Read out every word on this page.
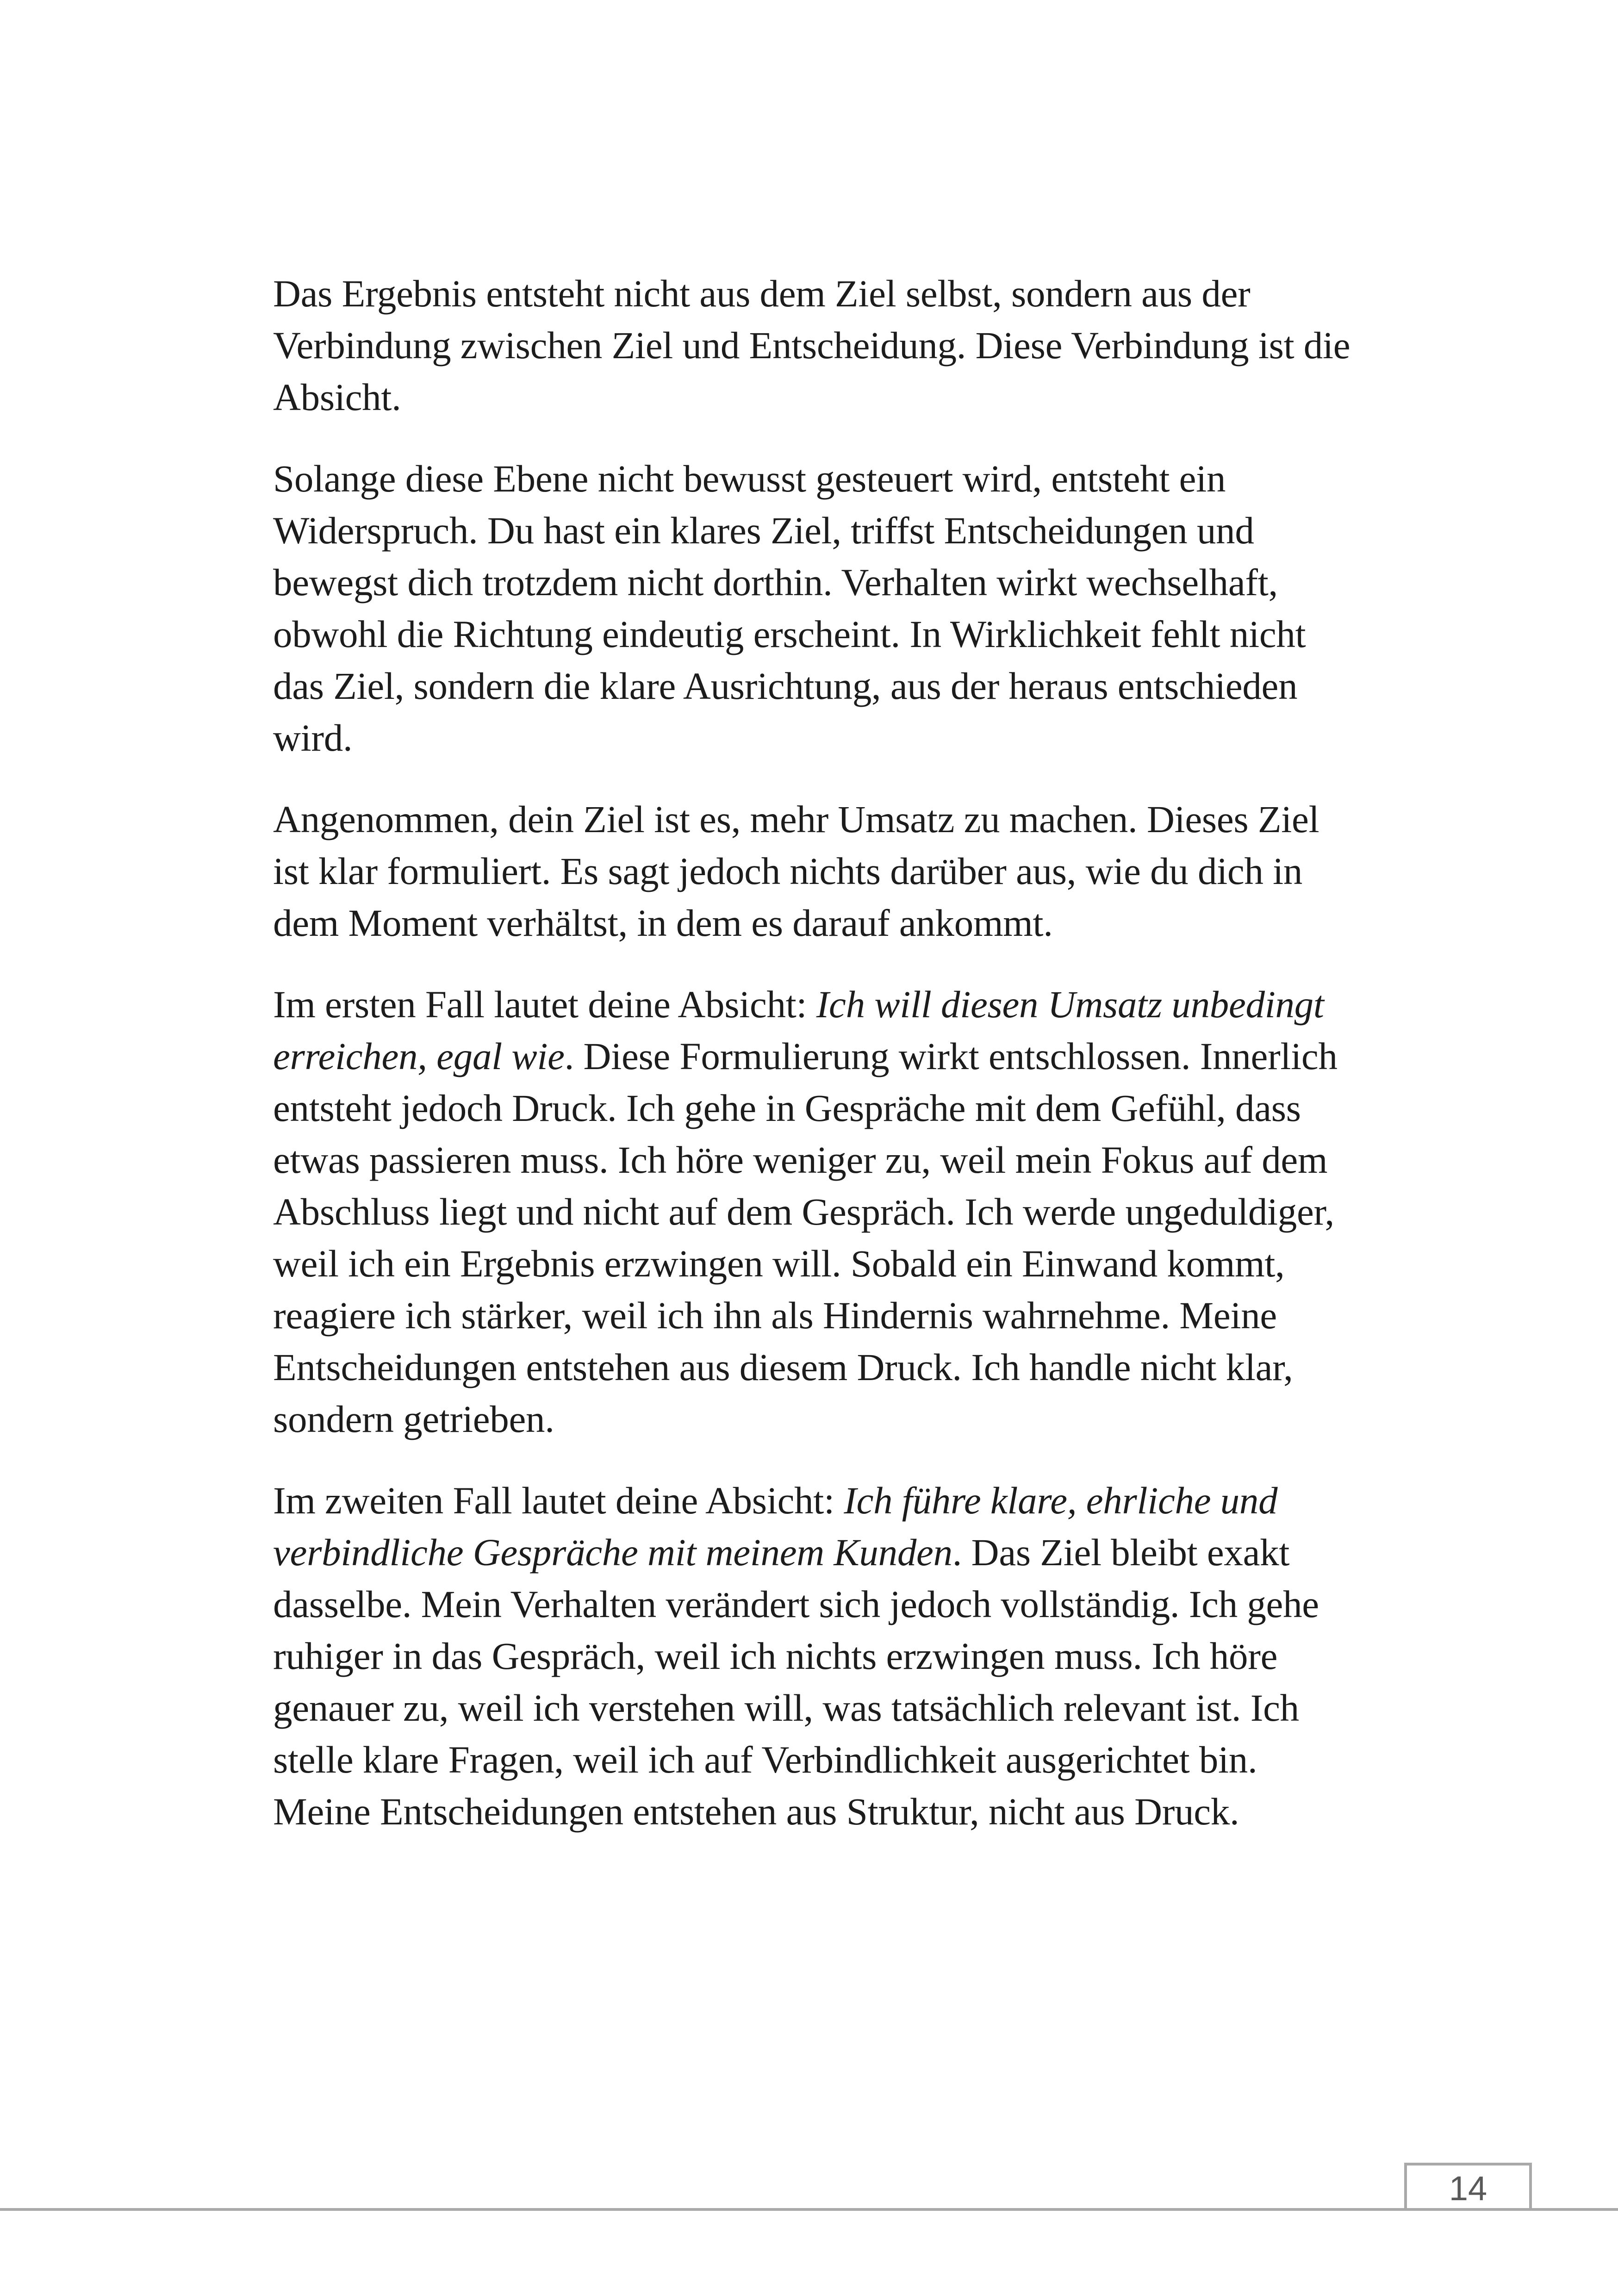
Das Ergebnis entsteht nicht aus dem Ziel selbst, sondern aus der Verbindung zwischen Ziel und Entscheidung. Diese Verbindung ist die Absicht.

Solange diese Ebene nicht bewusst gesteuert wird, entsteht ein Widerspruch. Du hast ein klares Ziel, triffst Entscheidungen und bewegst dich trotzdem nicht dorthin. Verhalten wirkt wechselhaft, obwohl die Richtung eindeutig erscheint. In Wirklichkeit fehlt nicht das Ziel, sondern die klare Ausrichtung, aus der heraus entschieden wird.

Angenommen, dein Ziel ist es, mehr Umsatz zu machen. Dieses Ziel ist klar formuliert. Es sagt jedoch nichts darüber aus, wie du dich in dem Moment verhältst, in dem es darauf ankommt.

Im ersten Fall lautet deine Absicht: Ich will diesen Umsatz unbedingt erreichen, egal wie. Diese Formulierung wirkt entschlossen. Innerlich entsteht jedoch Druck. Ich gehe in Gespräche mit dem Gefühl, dass etwas passieren muss. Ich höre weniger zu, weil mein Fokus auf dem Abschluss liegt und nicht auf dem Gespräch. Ich werde ungeduldiger, weil ich ein Ergebnis erzwingen will. Sobald ein Einwand kommt, reagiere ich stärker, weil ich ihn als Hindernis wahrnehme. Meine Entscheidungen entstehen aus diesem Druck. Ich handle nicht klar, sondern getrieben.

Im zweiten Fall lautet deine Absicht: Ich führe klare, ehrliche und verbindliche Gespräche mit meinem Kunden. Das Ziel bleibt exakt dasselbe. Mein Verhalten verändert sich jedoch vollständig. Ich gehe ruhiger in das Gespräch, weil ich nichts erzwingen muss. Ich höre genauer zu, weil ich verstehen will, was tatsächlich relevant ist. Ich stelle klare Fragen, weil ich auf Verbindlichkeit ausgerichtet bin. Meine Entscheidungen entstehen aus Struktur, nicht aus Druck.

14
